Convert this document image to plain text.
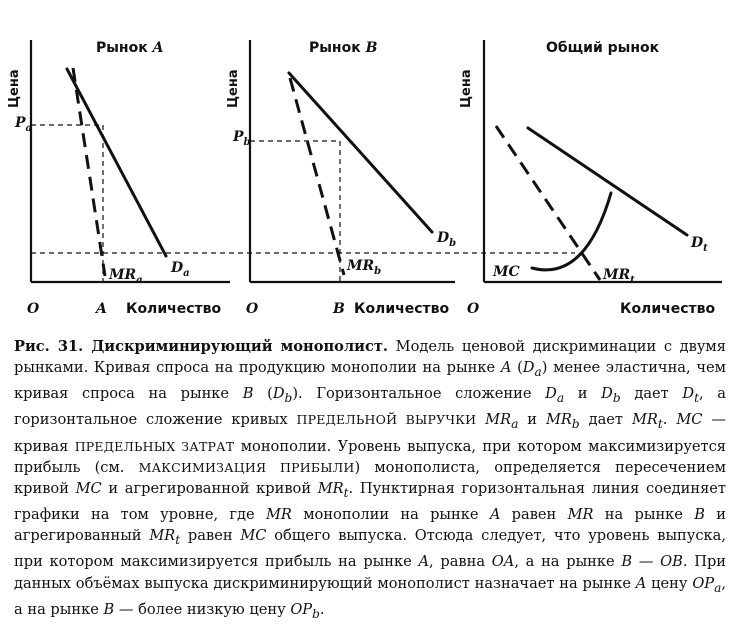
Рынок A
Цена
O	Количество
A
$P_a$
$D_a$
$MR_a$
Рынок B
Цена
O	Количество
B
$P_b$
$D_b$
$MR_b$
Общий рынок
Цена
O	Количество
$D_t$
$MR_t$
MC

Рис. 31. Дискриминирующий монополист. Модель ценовой дискриминации с двумя рынками. Кривая спроса на продукцию монополии на рынке A $(D_a)$ менее эластична, чем кривая спроса на рынке B $(D_b)$. Горизонтальное сложение $D_a$ и $D_b$ дает $D_t$, а горизонтальное сложение кривых ПРЕДЕЛЬНОЙ ВЫРУЧКИ $MR_a$ и $MR_b$ дает $MR_t$. MC — кривая ПРЕДЕЛЬНЫХ ЗАТРАТ монополии. Уровень выпуска, при котором максимизируется прибыль (см. МАКСИМИЗАЦИЯ ПРИБЫЛИ) монополиста, определяется пересечением кривой MC и агрегированной кривой $MR_t$. Пунктирная горизонтальная линия соединяет графики на том уровне, где MR монополии на рынке A равен MR на рынке B и агрегированный $MR_t$ равен MC общего выпуска. Отсюда следует, что уровень выпуска, при котором максимизируется прибыль на рынке A, равна OA, а на рынке B — OB. При данных объёмах выпуска дискриминирующий монополист назначает на рынке A цену $OP_a$, а на рынке B — более низкую цену $OP_b$.
